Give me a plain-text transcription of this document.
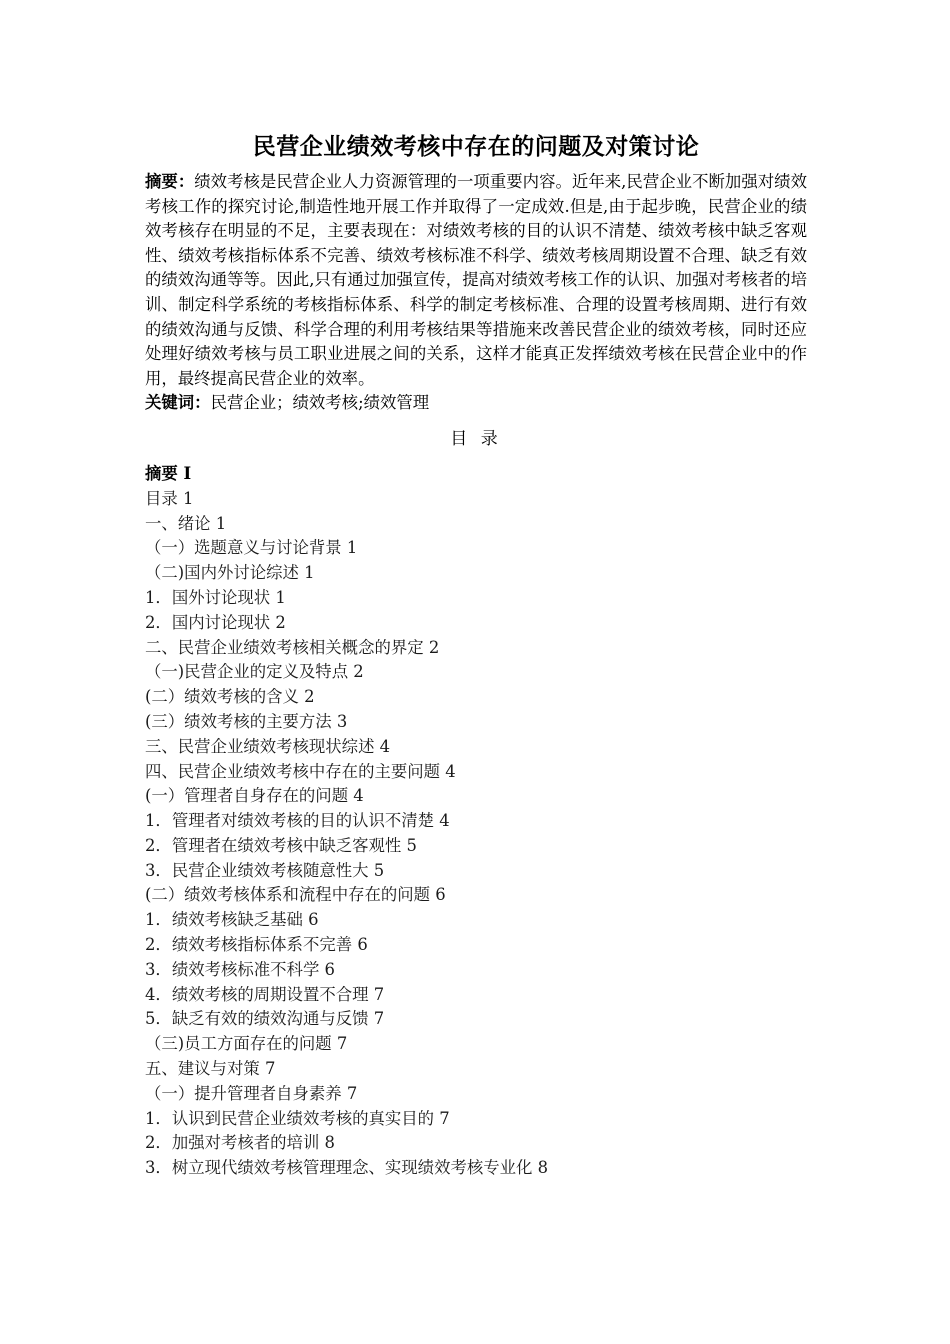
民营企业绩效考核中存在的问题及对策讨论

摘要：绩效考核是民营企业人力资源管理的一项重要内容。近年来,民营企业不断加强对绩效考核工作的探究讨论,制造性地开展工作并取得了一定成效.但是,由于起步晚，民营企业的绩效考核存在明显的不足，主要表现在：对绩效考核的目的认识不清楚、绩效考核中缺乏客观性、绩效考核指标体系不完善、绩效考核标准不科学、绩效考核周期设置不合理、缺乏有效的绩效沟通等等。因此,只有通过加强宣传，提高对绩效考核工作的认识、加强对考核者的培训、制定科学系统的考核指标体系、科学的制定考核标准、合理的设置考核周期、进行有效的绩效沟通与反馈、科学合理的利用考核结果等措施来改善民营企业的绩效考核，同时还应处理好绩效考核与员工职业进展之间的关系，这样才能真正发挥绩效考核在民营企业中的作用，最终提高民营企业的效率。

关键词：民营企业；绩效考核;绩效管理

目 录
摘要 I
目录 1
一、绪论 1
（一）选题意义与讨论背景 1
（二)国内外讨论综述 1
1．国外讨论现状 1
2．国内讨论现状 2
二、民营企业绩效考核相关概念的界定 2
（一)民营企业的定义及特点 2
(二）绩效考核的含义 2
(三）绩效考核的主要方法 3
三、民营企业绩效考核现状综述 4
四、民营企业绩效考核中存在的主要问题 4
(一）管理者自身存在的问题 4
1．管理者对绩效考核的目的认识不清楚 4
2．管理者在绩效考核中缺乏客观性 5
3．民营企业绩效考核随意性大 5
(二）绩效考核体系和流程中存在的问题 6
1．绩效考核缺乏基础 6
2．绩效考核指标体系不完善 6
3．绩效考核标准不科学 6
4．绩效考核的周期设置不合理 7
5．缺乏有效的绩效沟通与反馈 7
（三)员工方面存在的问题 7
五、建议与对策 7
（一）提升管理者自身素养 7
1．认识到民营企业绩效考核的真实目的 7
2．加强对考核者的培训 8
3．树立现代绩效考核管理理念、实现绩效考核专业化 8
